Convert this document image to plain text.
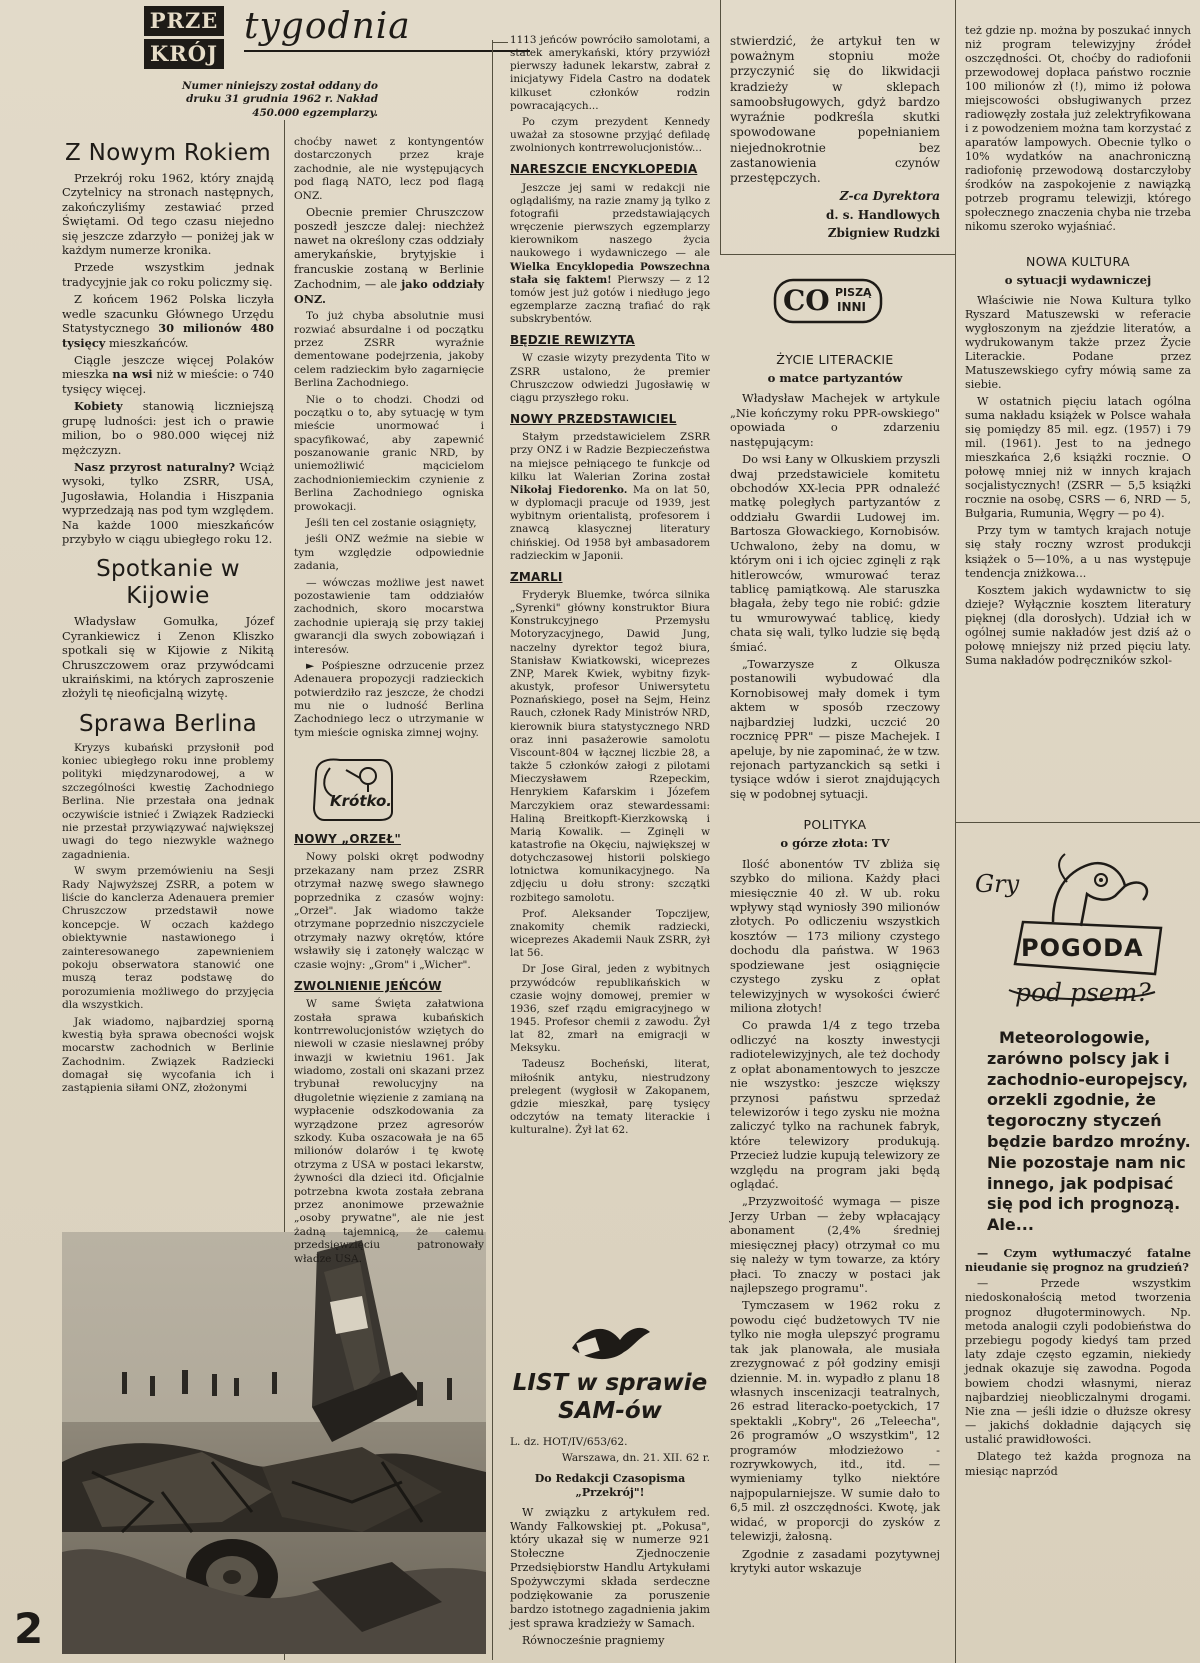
PRZE
KRÓJ
tygodnia
Numer niniejszy został oddany do druku 31 grudnia 1962 r. Nakład 450.000 egzemplarzy.
Z Nowym Rokiem

Przekrój roku 1962, który znajdą Czytelnicy na stronach następnych, zakończyliśmy zestawiać przed Świętami. Od tego czasu niejedno się jeszcze zdarzyło — poniżej jak w każdym numerze kronika.

Przede wszystkim jednak tradycyjnie jak co roku policzmy się.

Z końcem 1962 Polska liczyła wedle szacunku Głównego Urzędu Statystycznego 30 milionów 480 tysięcy mieszkańców.

Ciągle jeszcze więcej Polaków mieszka na wsi niż w mieście: o 740 tysięcy więcej.

Kobiety stanowią liczniejszą grupę ludności: jest ich o prawie milion, bo o 980.000 więcej niż mężczyzn.

Nasz przyrost naturalny? Wciąż wysoki, tylko ZSRR, USA, Jugosławia, Holandia i Hiszpania wyprzedzają nas pod tym względem. Na każde 1000 mieszkańców przybyło w ciągu ubiegłego roku 12.

Spotkanie w Kijowie

Władysław Gomułka, Józef Cyrankiewicz i Zenon Kliszko spotkali się w Kijowie z Nikitą Chruszczowem oraz przywódcami ukraińskimi, na których zaproszenie złożyli tę nieoficjalną wizytę.

Sprawa Berlina

Kryzys kubański przysłonił pod koniec ubiegłego roku inne problemy polityki międzynarodowej, a w szczególności kwestię Zachodniego Berlina. Nie przestała ona jednak oczywiście istnieć i Związek Radziecki nie przestał przywiązywać największej uwagi do tego niezwykle ważnego zagadnienia.

W swym przemówieniu na Sesji Rady Najwyższej ZSRR, a potem w liście do kanclerza Adenauera premier Chruszczow przedstawił nowe koncepcje. W oczach każdego obiektywnie nastawionego i zainteresowanego zapewnieniem pokoju obserwatora stanowić one muszą teraz podstawę do porozumienia możliwego do przyjęcia dla wszystkich.

Jak wiadomo, najbardziej sporną kwestią była sprawa obecności wojsk mocarstw zachodnich w Berlinie Zachodnim. Związek Radziecki domagał się wycofania ich i zastąpienia siłami ONZ, złożonymi

choćby nawet z kontyngentów dostarczonych przez kraje zachodnie, ale nie występujących pod flagą NATO, lecz pod flagą ONZ.

Obecnie premier Chruszczow poszedł jeszcze dalej: niechżeż nawet na określony czas oddziały amerykańskie, brytyjskie i francuskie zostaną w Berlinie Zachodnim, — ale jako oddziały ONZ.

To już chyba absolutnie musi rozwiać absurdalne i od początku przez ZSRR wyraźnie dementowane podejrzenia, jakoby celem radzieckim było zagarnięcie Berlina Zachodniego.

Nie o to chodzi. Chodzi od początku o to, aby sytuację w tym mieście unormować i spacyfikować, aby zapewnić poszanowanie granic NRD, by uniemożliwić mącicielom zachodnioniemieckim czynienie z Berlina Zachodniego ogniska prowokacji.

Jeśli ten cel zostanie osiągnięty,

jeśli ONZ weźmie na siebie w tym względzie odpowiednie zadania,

— wówczas możliwe jest nawet pozostawienie tam oddziałów zachodnich, skoro mocarstwa zachodnie upierają się przy takiej gwarancji dla swych zobowiązań i interesów.

► Pośpieszne odrzucenie przez Adenauera propozycji radzieckich potwierdziło raz jeszcze, że chodzi mu nie o ludność Berlina Zachodniego lecz o utrzymanie w tym mieście ogniska zimnej wojny.

Krótko.
NOWY „ORZEŁ"

Nowy polski okręt podwodny przekazany nam przez ZSRR otrzymał nazwę swego sławnego poprzednika z czasów wojny: „Orzeł". Jak wiadomo także otrzymane poprzednio niszczyciele otrzymały nazwy okrętów, które wsławiły się i zatonęły walcząc w czasie wojny: „Grom" i „Wicher".

ZWOLNIENIE JEŃCÓW

W same Święta załatwiona została sprawa kubańskich kontrrewolucjonistów wziętych do niewoli w czasie nieslawnej próby inwazji w kwietniu 1961. Jak wiadomo, zostali oni skazani przez trybunał rewolucyjny na długoletnie więzienie z zamianą na wypłacenie odszkodowania za wyrządzone przez agresorów szkody. Kuba oszacowała je na 65 milionów dolarów i tę kwotę otrzyma z USA w postaci lekarstw, żywności dla dzieci itd. Oficjalnie potrzebna kwota została zebrana przez anonimowe przeważnie „osoby prywatne", ale nie jest żadną tajemnicą, że całemu przedsięwzięciu patronowały władze USA.

1113 jeńców powróciło samolotami, a statek amerykański, który przywiózł pierwszy ładunek lekarstw, zabrał z inicjatywy Fidela Castro na dodatek kilkuset członków rodzin powracających...

Po czym prezydent Kennedy uważał za stosowne przyjąć defiladę zwolnionych kontrrewolucjonistów...

NARESZCIE ENCYKLOPEDIA

Jeszcze jej sami w redakcji nie oglądaliśmy, na razie znamy ją tylko z fotografii przedstawiających wręczenie pierwszych egzemplarzy kierownikom naszego życia naukowego i wydawniczego — ale Wielka Encyklopedia Powszechna stała się faktem! Pierwszy — z 12 tomów jest już gotów i niedługo jego egzemplarze zaczną trafiać do rąk subskrybentów.

BĘDZIE REWIZYTA

W czasie wizyty prezydenta Tito w ZSRR ustalono, że premier Chruszczow odwiedzi Jugosławię w ciągu przyszłego roku.

NOWY PRZEDSTAWICIEL

Stałym przedstawicielem ZSRR przy ONZ i w Radzie Bezpieczeństwa na miejsce pełniącego te funkcje od kilku lat Walerian Zorina został Nikołaj Fiedorenko. Ma on lat 50, w dyplomacji pracuje od 1939, jest wybitnym orientalistą, profesorem i znawcą klasycznej literatury chińskiej. Od 1958 był ambasadorem radzieckim w Japonii.

ZMARLI

Fryderyk Bluemke, twórca silnika „Syrenki" główny konstruktor Biura Konstrukcyjnego Przemysłu Motoryzacyjnego, Dawid Jung, naczelny dyrektor tegoż biura, Stanisław Kwiatkowski, wiceprezes ZNP, Marek Kwiek, wybitny fizyk-akustyk, profesor Uniwersytetu Poznańskiego, poseł na Sejm, Heinz Rauch, członek Rady Ministrów NRD, kierownik biura statystycznego NRD oraz inni pasażerowie samolotu Viscount-804 w łącznej liczbie 28, a także 5 członków załogi z pilotami Mieczysławem Rzepeckim, Henrykiem Kafarskim i Józefem Marczykiem oraz stewardessami: Haliną Breitkopft-Kierzkowską i Marią Kowalik. — Zginęli w katastrofie na Okęciu, największej w dotychczasowej historii polskiego lotnictwa komunikacyjnego. Na zdjęciu u dołu strony: szczątki rozbitego samolotu.

Prof. Aleksander Topczijew, znakomity chemik radziecki, wiceprezes Akademii Nauk ZSRR, żył lat 56.

Dr Jose Giral, jeden z wybitnych przywódców republikańskich w czasie wojny domowej, premier w 1936, szef rządu emigracyjnego w 1945. Profesor chemii z zawodu. Żył lat 82, zmarł na emigracji w Meksyku.

Tadeusz Bocheński, literat, miłośnik antyku, niestrudzony prelegent (wygłosił w Zakopanem, gdzie mieszkał, parę tysięcy odczytów na tematy literackie i kulturalne). Żył lat 62.

LIST w sprawie
SAM-ów

L. dz. HOT/IV/653/62.

Warszawa, dn. 21. XII. 62 r.

Do Redakcji Czasopisma „Przekrój"!

W związku z artykułem red. Wandy Falkowskiej pt. „Pokusa", który ukazał się w numerze 921 Stołeczne Zjednoczenie Przedsiębiorstw Handlu Artykułami Spożywczymi składa serdeczne podziękowanie za poruszenie bardzo istotnego zagadnienia jakim jest sprawa kradzieży w Samach.

Równocześnie pragniemy

stwierdzić, że artykuł ten w poważnym stopniu może przyczynić się do likwidacji kradzieży w sklepach samoobsługowych, gdyż bardzo wyraźnie podkreśla skutki spowodowane popełnianiem niejednokrotnie bez zastanowienia czynów przestępczych.

Z-ca Dyrektora

d. s. Handlowych

Zbigniew Rudzki

CO PISZĄ
INNI
ŻYCIE LITERACKIE
o matce partyzantów

Władysław Machejek w artykule „Nie kończymy roku PPR-owskiego" opowiada o zdarzeniu następującym:

Do wsi Łany w Olkuskiem przyszli dwaj przedstawiciele komitetu obchodów XX-lecia PPR odnaleźć matkę poległych partyzantów z oddziału Gwardii Ludowej im. Bartosza Głowackiego, Kornobisów. Uchwalono, żeby na domu, w którym oni i ich ojciec zginęli z rąk hitlerowców, wmurować teraz tablicę pamiątkową. Ale staruszka błagała, żeby tego nie robić: gdzie tu wmurowywać tablicę, kiedy chata się wali, tylko ludzie się będą śmiać.

„Towarzysze z Olkusza postanowili wybudować dla Kornobisowej mały domek i tym aktem w sposób rzeczowy najbardziej ludzki, uczcić 20 rocznicę PPR" — pisze Machejek. I apeluje, by nie zapominać, że w tzw. rejonach partyzanckich są setki i tysiące wdów i sierot znajdujących się w podobnej sytuacji.

POLITYKA
o górze złota: TV

Ilość abonentów TV zbliża się szybko do miliona. Każdy płaci miesięcznie 40 zł. W ub. roku wpływy stąd wyniosły 390 milionów złotych. Po odliczeniu wszystkich kosztów — 173 miliony czystego dochodu dla państwa. W 1963 spodziewane jest osiągnięcie czystego zysku z opłat telewizyjnych w wysokości ćwierć miliona złotych!

Co prawda 1/4 z tego trzeba odliczyć na koszty inwestycji radiotelewizyjnych, ale też dochody z opłat abonamentowych to jeszcze nie wszystko: jeszcze większy przynosi państwu sprzedaż telewizorów i tego zysku nie można zaliczyć tylko na rachunek fabryk, które telewizory produkują. Przecież ludzie kupują telewizory ze względu na program jaki będą oglądać.

„Przyzwoitość wymaga — pisze Jerzy Urban — żeby wpłacający abonament (2,4% średniej miesięcznej płacy) otrzymał co mu się należy w tym towarze, za który płaci. To znaczy w postaci jak najlepszego programu".

Tymczasem w 1962 roku z powodu cięć budżetowych TV nie tylko nie mogła ulepszyć programu tak jak planowała, ale musiała zrezygnować z pół godziny emisji dziennie. M. in. wypadło z planu 18 własnych inscenizacji teatralnych, 26 estrad literacko-poetyckich, 17 spektakli „Kobry", 26 „Teleecha", 26 programów „O wszystkim", 12 programów młodzieżowo - rozrywkowych, itd., itd. — wymieniamy tylko niektóre najpopularniejsze. W sumie dało to 6,5 mil. zł oszczędności. Kwotę, jak widać, w proporcji do zysków z telewizji, żałosną.

Zgodnie z zasadami pozytywnej krytyki autor wskazuje

też gdzie np. można by poszukać innych niż program telewizyjny źródeł oszczędności. Ot, choćby do radiofonii przewodowej dopłaca państwo rocznie 100 milionów zł (!), mimo iż połowa miejscowości obsługiwanych przez radiowęzły została już zelektryfikowana i z powodzeniem można tam korzystać z aparatów lampowych. Obecnie tylko o 10% wydatków na anachroniczną radiofonię przewodową dostarczyłoby środków na zaspokojenie z nawiązką potrzeb programu telewizji, którego społecznego znaczenia chyba nie trzeba nikomu szeroko wyjaśniać.

NOWA KULTURA
o sytuacji wydawniczej

Właściwie nie Nowa Kultura tylko Ryszard Matuszewski w referacie wygłoszonym na zjeździe literatów, a wydrukowanym także przez Życie Literackie. Podane przez Matuszewskiego cyfry mówią same za siebie.

W ostatnich pięciu latach ogólna suma nakładu książek w Polsce wahała się pomiędzy 85 mil. egz. (1957) i 79 mil. (1961). Jest to na jednego mieszkańca 2,6 książki rocznie. O połowę mniej niż w innych krajach socjalistycznych! (ZSRR — 5,5 książki rocznie na osobę, CSRS — 6, NRD — 5, Bułgaria, Rumunia, Węgry — po 4).

Przy tym w tamtych krajach notuje się stały roczny wzrost produkcji książek o 5—10%, a u nas występuje tendencja zniżkowa...

Kosztem jakich wydawnictw to się dzieje? Wyłącznie kosztem literatury pięknej (dla dorosłych). Udział ich w ogólnej sumie nakładów jest dziś aż o połowę mniejszy niż przed pięciu laty. Suma nakładów podręczników szkol-

Gry
POGODA
pod psem?

Meteorologowie, zarówno polscy jak i zachodnio-europejscy, orzekli zgodnie, że tegoroczny styczeń będzie bardzo mroźny. Nie pozostaje nam nic innego, jak podpisać się pod ich prognozą. Ale...

— Czym wytłumaczyć fatalne nieudanie się prognoz na grudzień?

— Przede wszystkim niedoskonałością metod tworzenia prognoz długoterminowych. Np. metoda analogii czyli podobieństwa do przebiegu pogody kiedyś tam przed laty zdaje często egzamin, niekiedy jednak okazuje się zawodna. Pogoda bowiem chodzi własnymi, nieraz najbardziej nieobliczalnymi drogami. Nie zna — jeśli idzie o dłuższe okresy — jakichś dokładnie dających się ustalić prawidłowości.

Dlatego też każda prognoza na miesiąc naprzód

2
